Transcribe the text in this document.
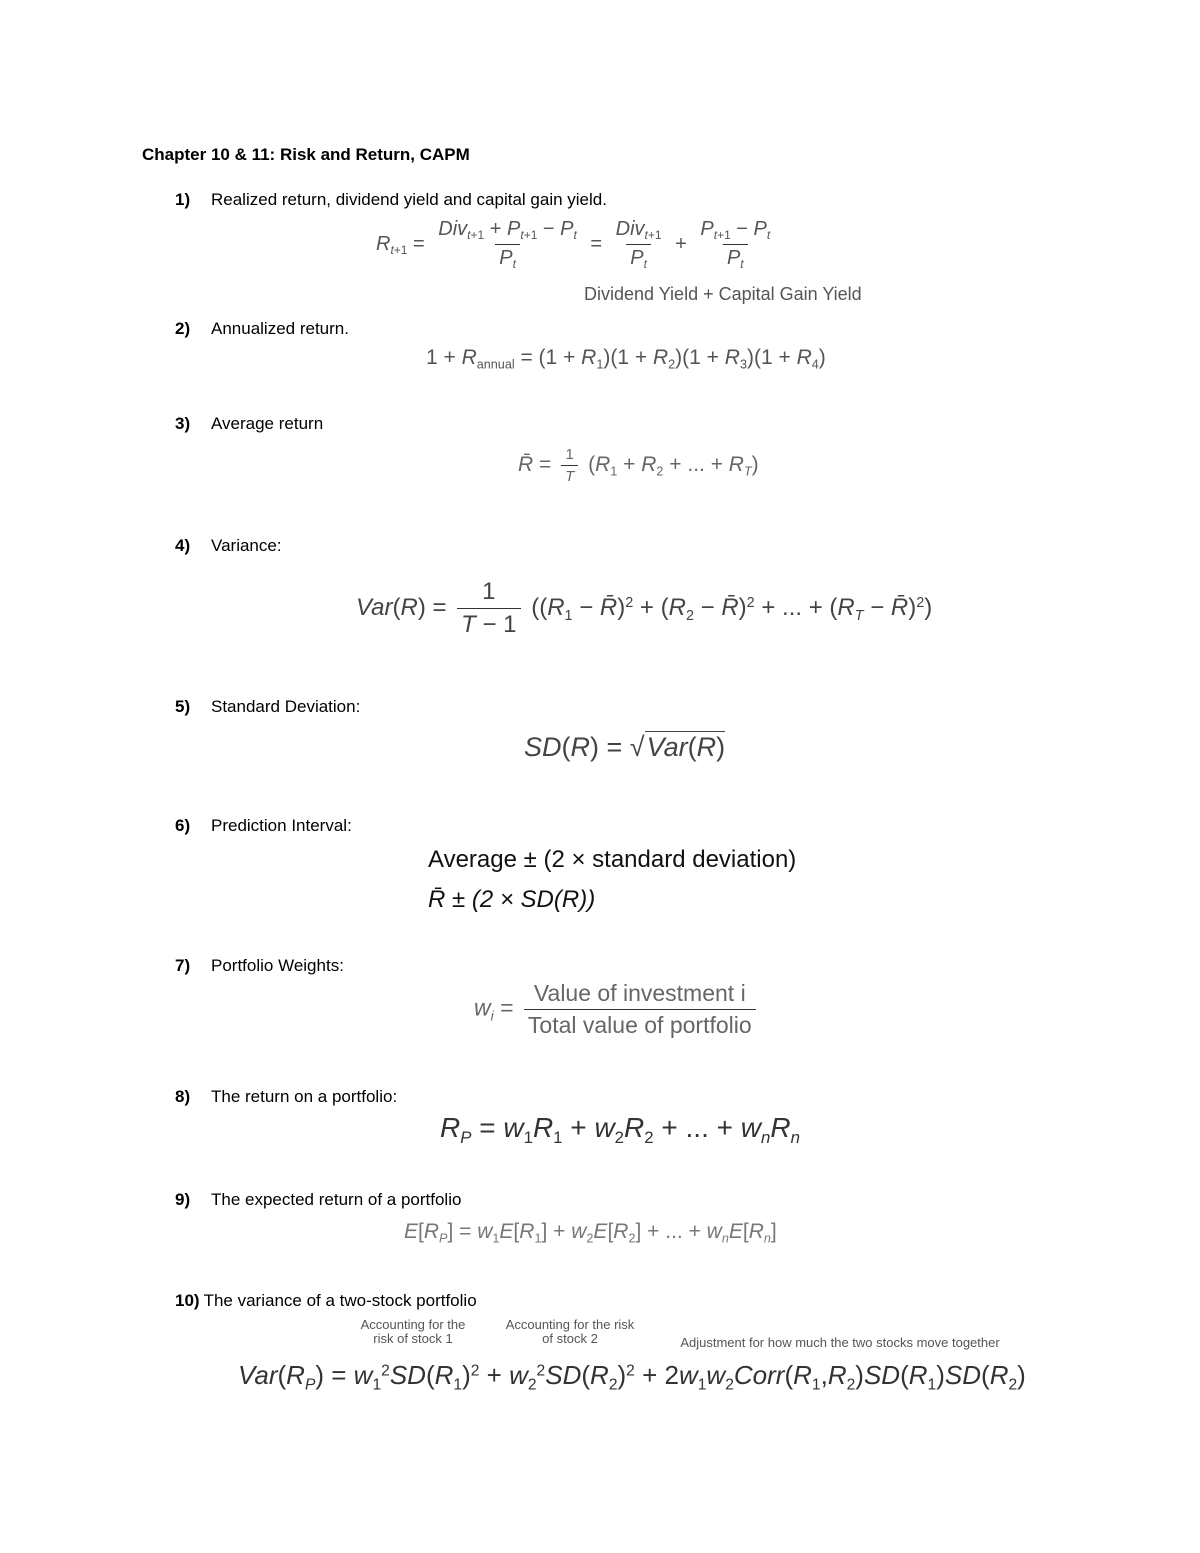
Chapter 10 & 11: Risk and Return, CAPM
1) Realized return, dividend yield and capital gain yield.
$R_{t+1} = \frac{Div_{t+1} + P_{t+1} - P_t}{P_t} = \frac{Div_{t+1}}{P_t} + \frac{P_{t+1} - P_t}{P_t}$
Dividend Yield + Capital Gain Yield
2) Annualized return.
$1 + R_{annual} = (1 + R_1)(1 + R_2)(1 + R_3)(1 + R_4)$
3) Average return
R̄ = $\frac{1}{T} (R_1 + R_2$ + ... + $R_T$)
4) Variance:
$Var(R) = \frac{1}{T - 1} ((R_1$ − R̄)$^2$ + ($R_2$ − R̄)$^2$ + ... + ($R_T$ − R̄)$^2$)
5) Standard Deviation:
SD(R) = √Var(R)
6) Prediction Interval:
Average ± (2 × standard deviation)
R̄ ± (2 × SD(R))
7) Portfolio Weights:
$w_i = \frac{\text{Value of investment i}}{\text{Total value of portfolio}}$
8) The return on a portfolio:
$R_P = w_1R_1 + w_2R_2$ + ... + $w_nR_n$
9) The expected return of a portfolio
$E[R_P] = w_1E[R_1] + w_2E[R_2]$ + ... + $w_nE[R_n]$
10) The variance of a two-stock portfolio
Accounting for the risk of stock 1
Accounting for the risk of stock 2	Adjustment for how much the two stocks move together
$Var(R_P) = w_1^2SD(R_1)^2 + w_2^2SD(R_2)^2$ + $2w_1w_2Corr(R_1,R_2)SD(R_1)SD(R_2)$
